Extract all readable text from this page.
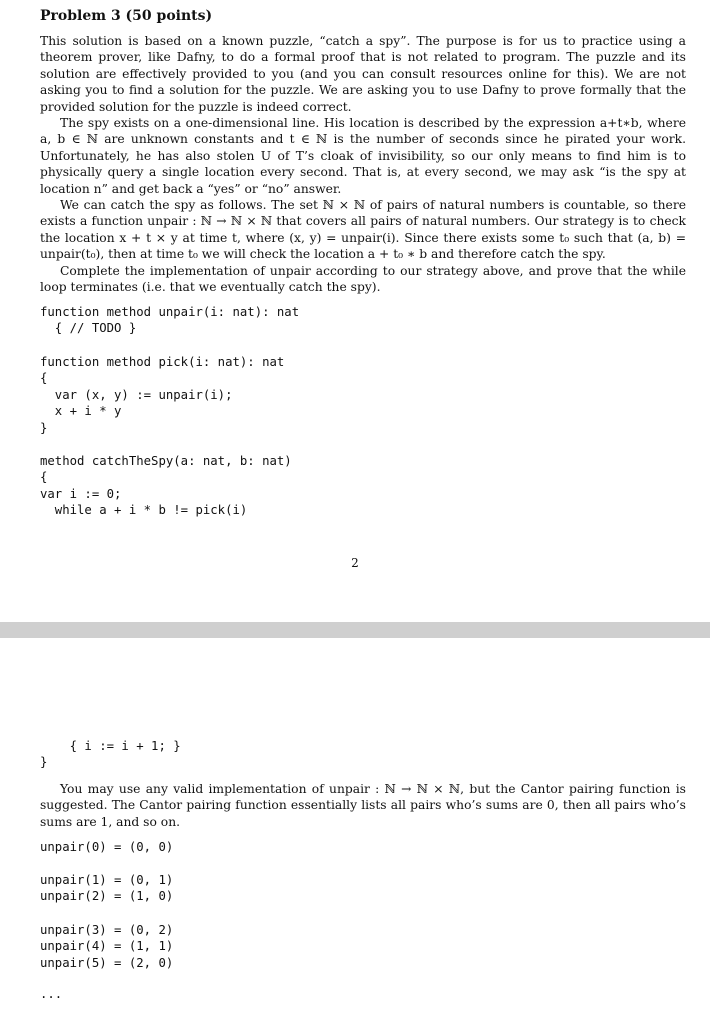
Problem 3 (50 points)

This solution is based on a known puzzle, “catch a spy”. The purpose is for us to practice using a theorem prover, like Dafny, to do a formal proof that is not related to program. The puzzle and its solution are effectively provided to you (and you can consult resources online for this). We are not asking you to find a solution for the puzzle. We are asking you to use Dafny to prove formally that the provided solution for the puzzle is indeed correct.

The spy exists on a one-dimensional line. His location is described by the expression a+t∗b, where a, b ∈ ℕ are unknown constants and t ∈ ℕ is the number of seconds since he pirated your work. Unfortunately, he has also stolen U of T’s cloak of invisibility, so our only means to find him is to physically query a single location every second. That is, at every second, we may ask “is the spy at location n” and get back a “yes” or “no” answer.

We can catch the spy as follows. The set ℕ × ℕ of pairs of natural numbers is countable, so there exists a function unpair : ℕ → ℕ × ℕ that covers all pairs of natural numbers. Our strategy is to check the location x + t × y at time t, where (x, y) = unpair(i). Since there exists some t₀ such that (a, b) = unpair(t₀), then at time t₀ we will check the location a + t₀ ∗ b and therefore catch the spy.

Complete the implementation of unpair according to our strategy above, and prove that the while loop terminates (i.e. that we eventually catch the spy).

function method unpair(i: nat): nat
{ // TODO }
function method pick(i: nat): nat
{
var (x, y) := unpair(i);
x + i * y
}
method catchTheSpy(a: nat, b: nat)
{
var i := 0;
while a + i * b != pick(i)
2
{ i := i + 1; }
}

You may use any valid implementation of unpair : ℕ → ℕ × ℕ, but the Cantor pairing function is suggested. The Cantor pairing function essentially lists all pairs who’s sums are 0, then all pairs who’s sums are 1, and so on.

unpair(0) = (0, 0)
unpair(1) = (0, 1)
unpair(2) = (1, 0)
unpair(3) = (0, 2)
unpair(4) = (1, 1)
unpair(5) = (2, 0)
...
